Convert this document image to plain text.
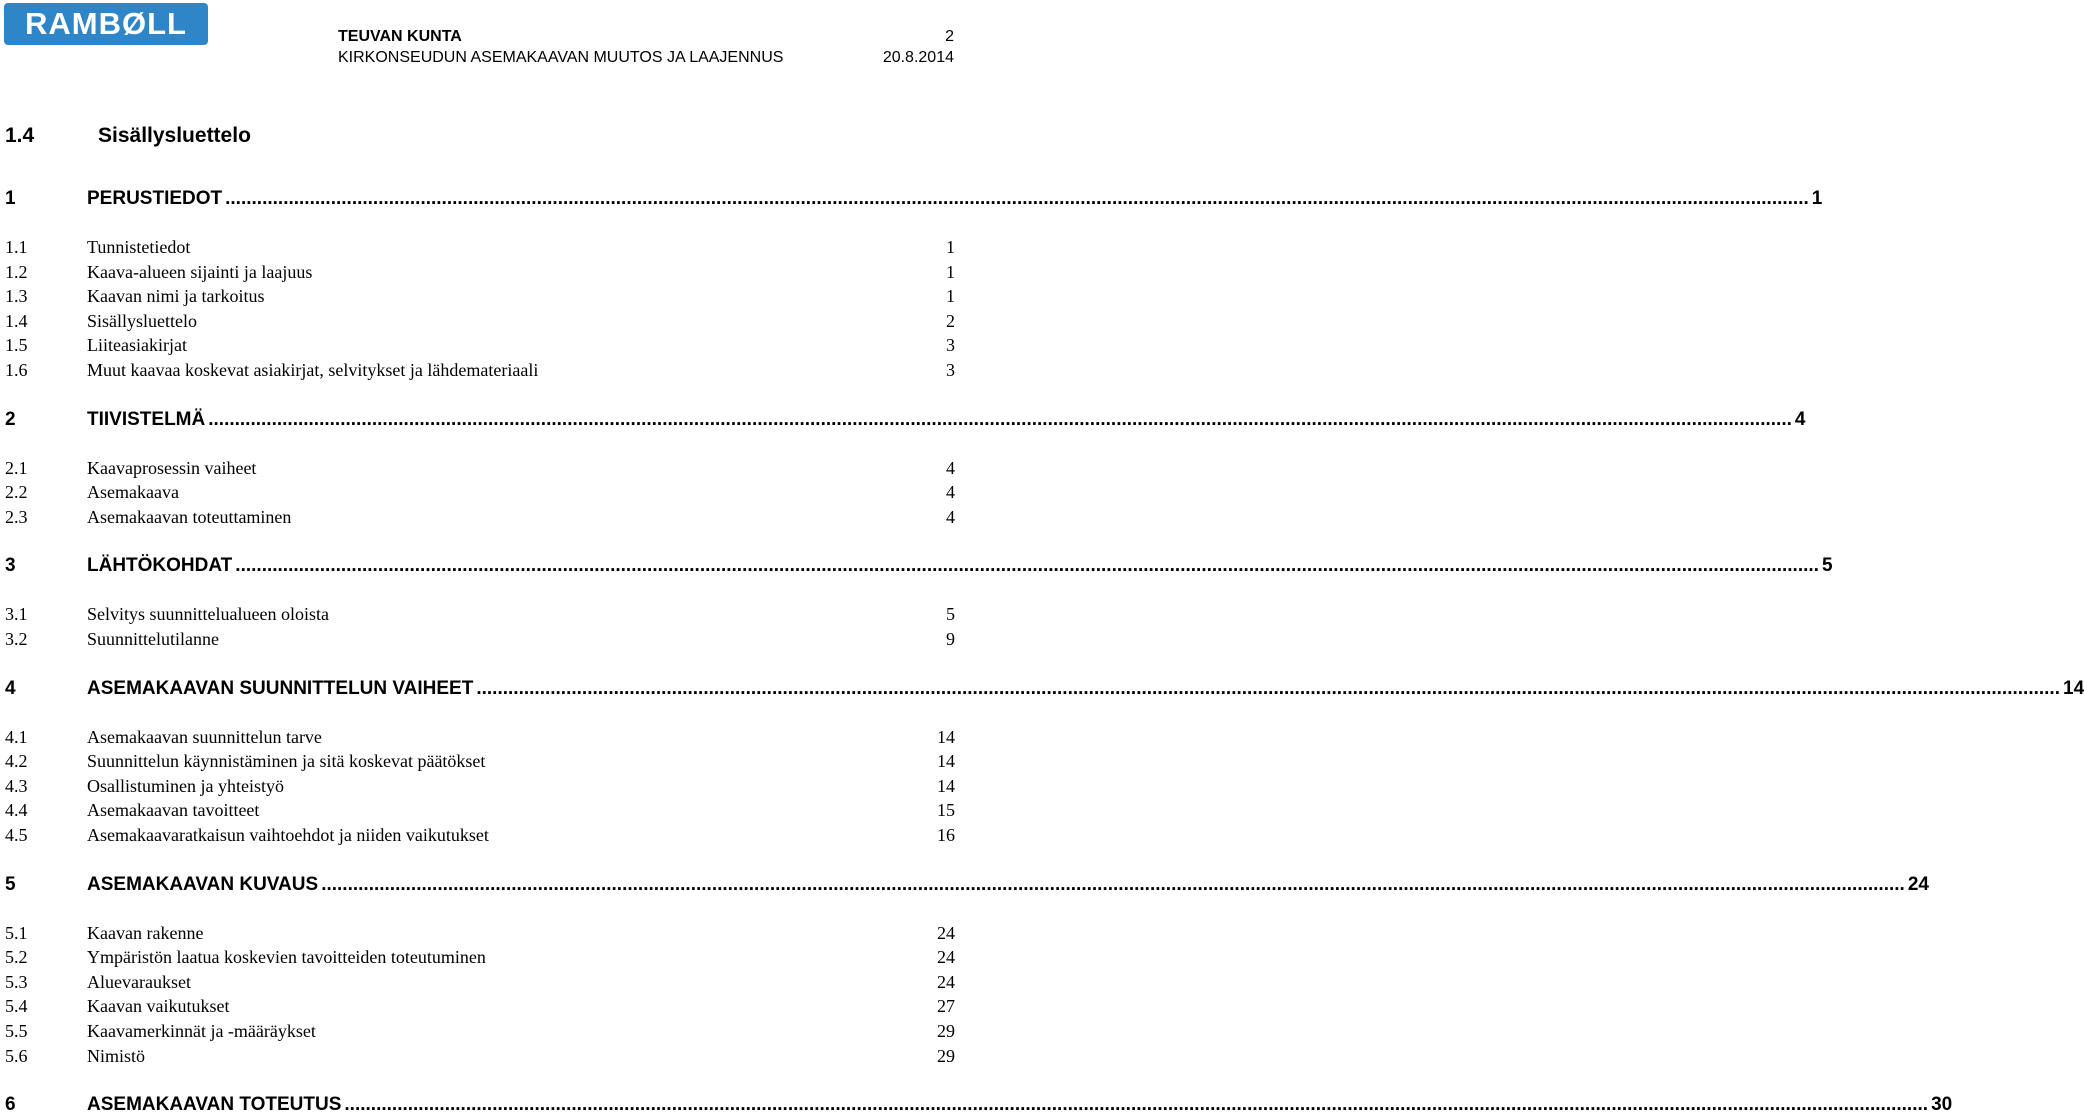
RAMBØLL	TEUVAN KUNTA	2
KIRKONSEUDUN ASEMAKAAVAN MUUTOS JA LAAJENNUS	20.8.2014
1.4	Sisällysluettelo
1	PERUSTIEDOT ............................................................................................................................................................................................................................................................................................................ 1
1.1	Tunnistetiedot	1
1.2	Kaava-alueen sijainti ja laajuus	1
1.3	Kaavan nimi ja tarkoitus	1
1.4	Sisällysluettelo	2
1.5	Liiteasiakirjat	3
1.6	Muut kaavaa koskevat asiakirjat, selvitykset ja lähdemateriaali	3
2	TIIVISTELMÄ ............................................................................................................................................................................................................................................................................................................ 4
2.1	Kaavaprosessin vaiheet	4
2.2	Asemakaava	4
2.3	Asemakaavan toteuttaminen	4
3	LÄHTÖKOHDAT ............................................................................................................................................................................................................................................................................................................ 5
3.1	Selvitys suunnittelualueen oloista	5
3.2	Suunnittelutilanne	9
4	ASEMAKAAVAN SUUNNITTELUN VAIHEET ............................................................................................................................................................................................................................................................................................................ 14
4.1	Asemakaavan suunnittelun tarve	14
4.2	Suunnittelun käynnistäminen ja sitä koskevat päätökset	14
4.3	Osallistuminen ja yhteistyö	14
4.4	Asemakaavan tavoitteet	15
4.5	Asemakaavaratkaisun vaihtoehdot ja niiden vaikutukset	16
5	ASEMAKAAVAN KUVAUS ............................................................................................................................................................................................................................................................................................................ 24
5.1	Kaavan rakenne	24
5.2	Ympäristön laatua koskevien tavoitteiden toteutuminen	24
5.3	Aluevaraukset	24
5.4	Kaavan vaikutukset	27
5.5	Kaavamerkinnät ja -määräykset	29
5.6	Nimistö	29
6	ASEMAKAAVAN TOTEUTUS ............................................................................................................................................................................................................................................................................................................ 30
